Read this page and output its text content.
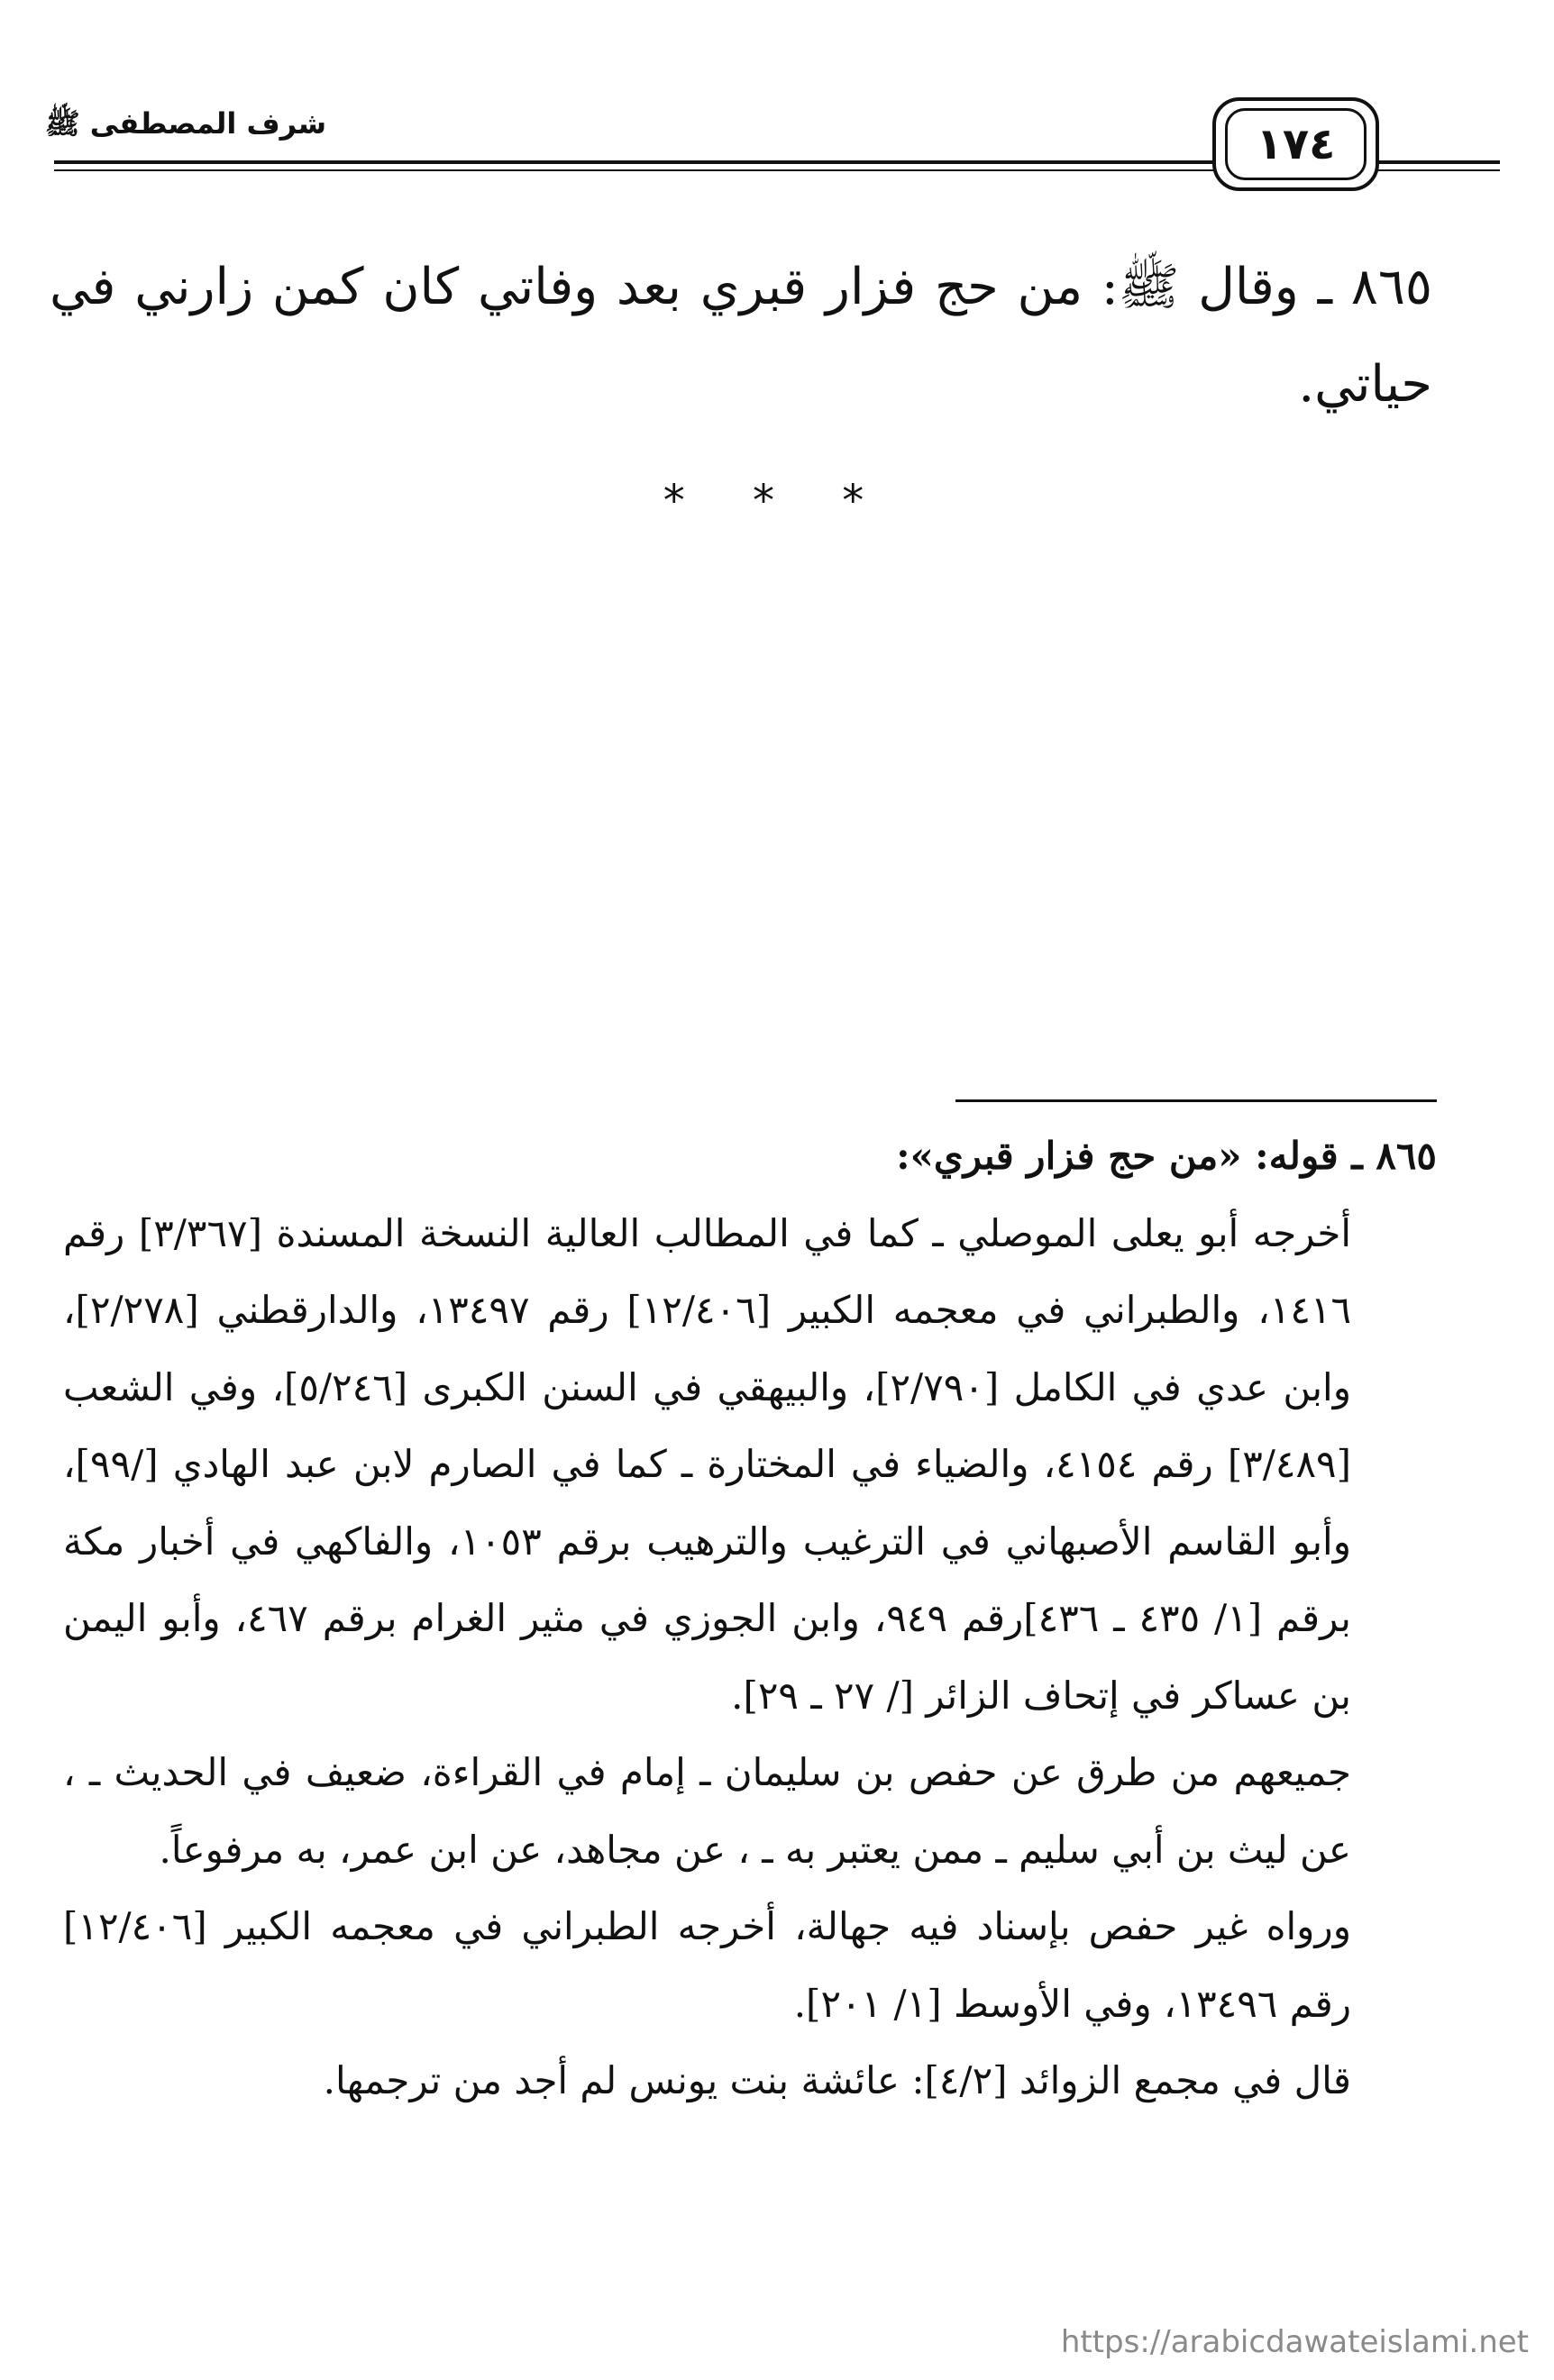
شرف المصطفى ﷺ	١٧٤
٨٦٥ ـ وقال ﷺ: من حج فزار قبري بعد وفاتي كان كمن زارني في حياتي.
* * *
٨٦٥ ـ قوله: «من حج فزار قبري»:
أخرجه أبو يعلى الموصلي ـ كما في المطالب العالية النسخة المسندة [٣/٣٦٧] رقم ١٤١٦، والطبراني في معجمه الكبير [١٢/٤٠٦] رقم ١٣٤٩٧، والدارقطني [٢/٢٧٨]، وابن عدي في الكامل [٢/٧٩٠]، والبيهقي في السنن الكبرى [٥/٢٤٦]، وفي الشعب [٣/٤٨٩] رقم ٤١٥٤، والضياء في المختارة ـ كما في الصارم لابن عبد الهادي [/٩٩]، وأبو القاسم الأصبهاني في الترغيب والترهيب برقم ١٠٥٣، والفاكهي في أخبار مكة برقم [١/ ٤٣٥ ـ ٤٣٦]رقم ٩٤٩، وابن الجوزي في مثير الغرام برقم ٤٦٧، وأبو اليمن بن عساكر في إتحاف الزائر [/ ٢٧ ـ ٢٩].
جميعهم من طرق عن حفص بن سليمان ـ إمام في القراءة، ضعيف في الحديث ـ ، عن ليث بن أبي سليم ـ ممن يعتبر به ـ ، عن مجاهد، عن ابن عمر، به مرفوعاً.
ورواه غير حفص بإسناد فيه جهالة، أخرجه الطبراني في معجمه الكبير [١٢/٤٠٦] رقم ١٣٤٩٦، وفي الأوسط [١/ ٢٠١].
قال في مجمع الزوائد [٤/٢]: عائشة بنت يونس لم أجد من ترجمها.
https://arabicdawateislami.net
